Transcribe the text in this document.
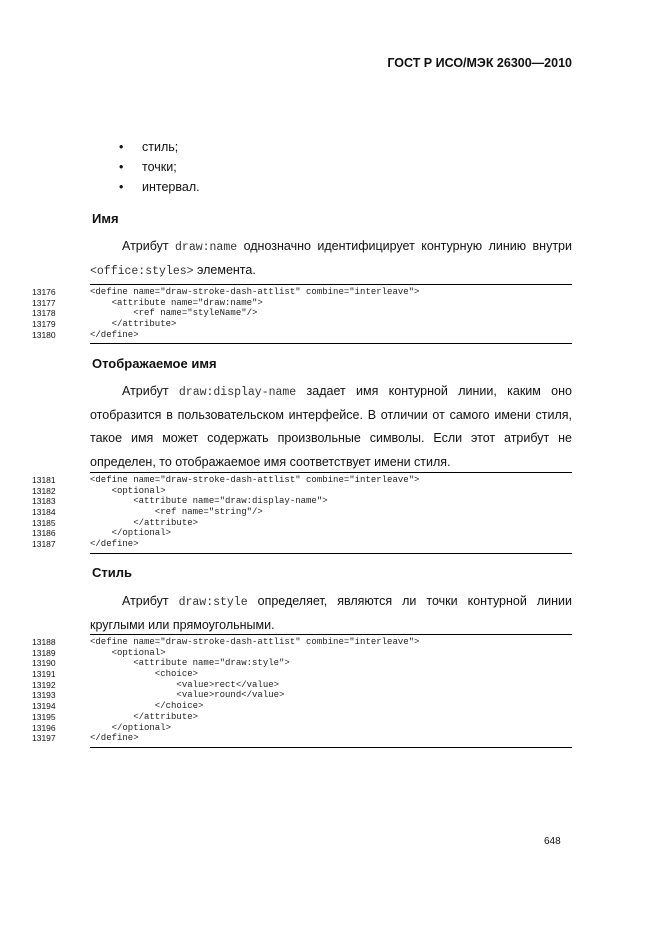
ГОСТ Р ИСО/МЭК 26300—2010
• стиль;
• точки;
• интервал.
Имя
Атрибут draw:name однозначно идентифицирует контурную линию внутри
<office:styles> элемента.
13176	<define name="draw-stroke-dash-attlist" combine="interleave">
13177	<attribute name="draw:name">
13178	<ref name="styleName"/>
13179	</attribute>
13180	</define>
Отображаемое имя
Атрибут draw:display-name задает имя контурной линии, каким оно
отобразится в пользовательском интерфейсе. В отличии от самого имени стиля,
такое имя может содержать произвольные символы. Если этот атрибут не
определен, то отображаемое имя соответствует имени стиля.
13181	<define name="draw-stroke-dash-attlist" combine="interleave">
13182	<optional>
13183	<attribute name="draw:display-name">
13184	<ref name="string"/>
13185	</attribute>
13186	</optional>
13187	</define>
Стиль
Атрибут draw:style определяет, являются ли точки контурной линии
круглыми или прямоугольными.
13188	<define name="draw-stroke-dash-attlist" combine="interleave">
13189	<optional>
13190	<attribute name="draw:style">
13191	<choice>
13192	<value>rect</value>
13193	<value>round</value>
13194	</choice>
13195	</attribute>
13196	</optional>
13197	</define>
648
